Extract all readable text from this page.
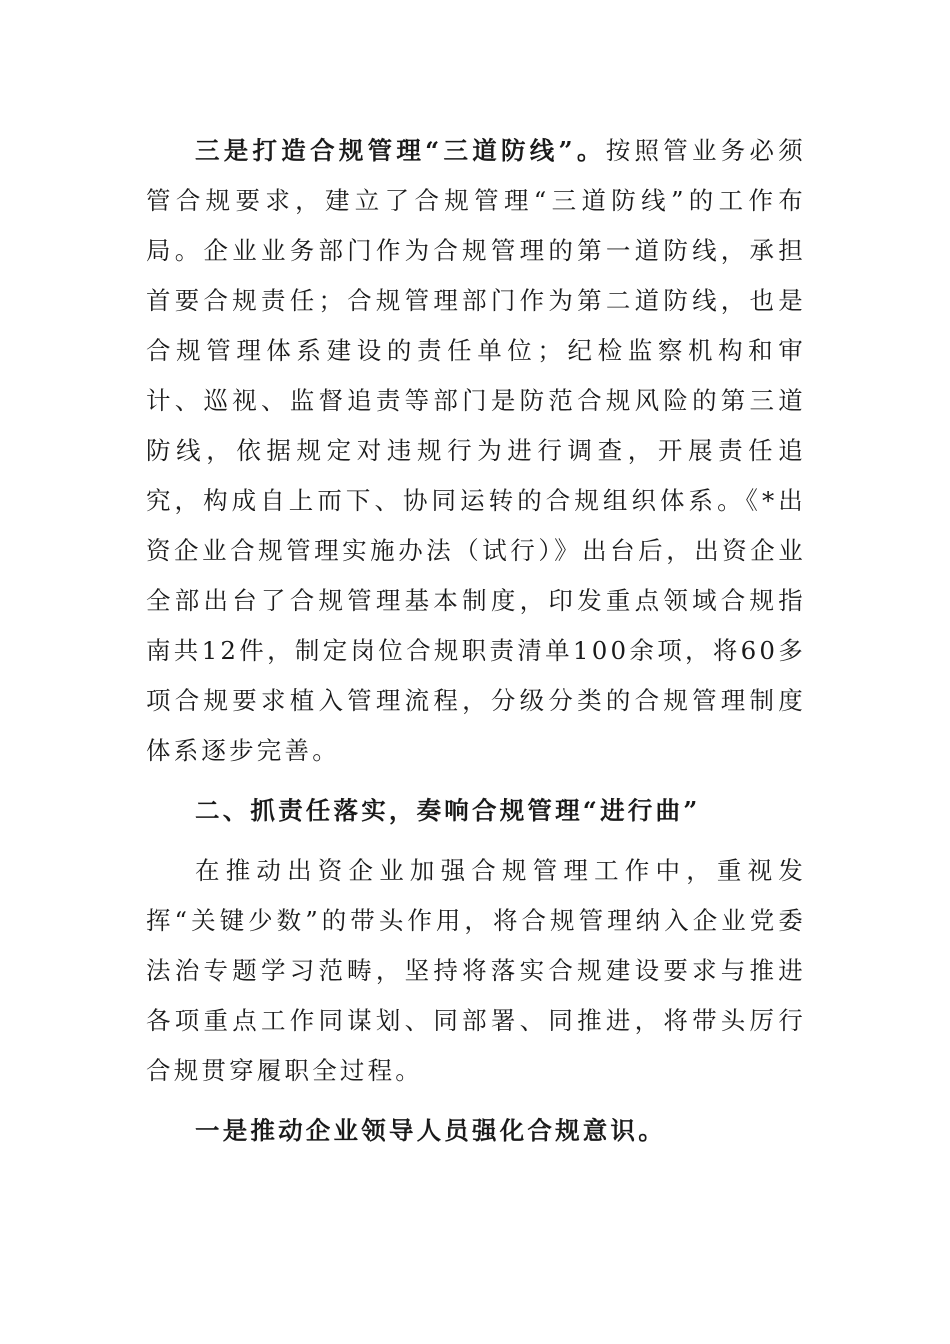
三是打造合规管理“三道防线”。按照管业务必须管合规要求，建立了合规管理“三道防线”的工作布局。企业业务部门作为合规管理的第一道防线，承担首要合规责任；合规管理部门作为第二道防线，也是合规管理体系建设的责任单位；纪检监察机构和审计、巡视、监督追责等部门是防范合规风险的第三道防线，依据规定对违规行为进行调查，开展责任追究，构成自上而下、协同运转的合规组织体系。《*出资企业合规管理实施办法（试行）》出台后，出资企业全部出台了合规管理基本制度，印发重点领域合规指南共12件，制定岗位合规职责清单100余项，将60多项合规要求植入管理流程，分级分类的合规管理制度体系逐步完善。

二、抓责任落实，奏响合规管理“进行曲”

在推动出资企业加强合规管理工作中，重视发挥“关键少数”的带头作用，将合规管理纳入企业党委法治专题学习范畴，坚持将落实合规建设要求与推进各项重点工作同谋划、同部署、同推进，将带头厉行合规贯穿履职全过程。

一是推动企业领导人员强化合规意识。
